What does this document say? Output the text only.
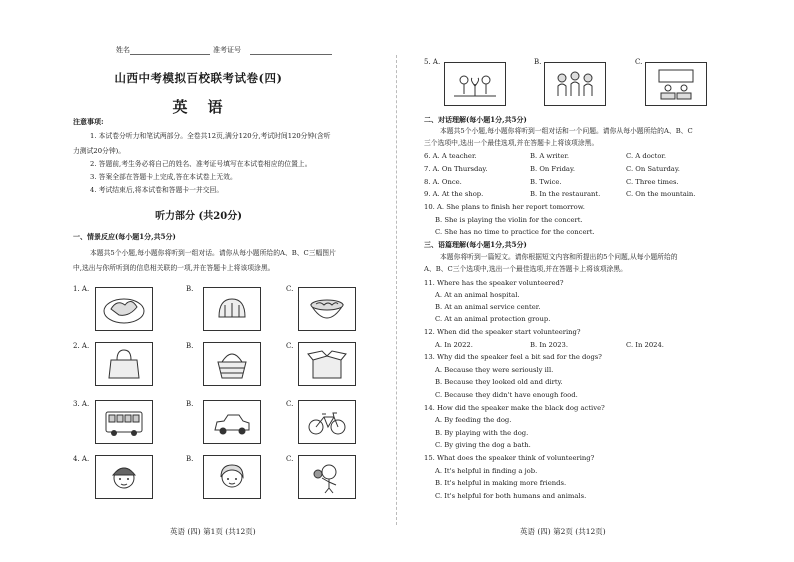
姓名	准考证号
山西中考模拟百校联考试卷(四)
英语
注意事项:
1. 本试卷分听力和笔试两部分。全卷共12页,满分120分,考试时间120分钟(含听
力测试20分钟)。
2. 答题前,考生务必将自己的姓名、准考证号填写在本试卷相应的位置上。
3. 答案全部在答题卡上完成,答在本试卷上无效。
4. 考试结束后,将本试卷和答题卡一并交回。
听力部分 (共20分)
一、情景反应(每小题1分,共5分)
本题共5个小题,每小题你将听到一组对话。请你从每小题所给的A、B、C三幅图片
中,选出与你所听到的信息相关联的一项,并在答题卡上将该项涂黑。
1. A.	B.	C.
2. A.	B.	C.
3. A.	B.	C.
4. A.	B.	C.
英语 (四) 第1页 (共12页)
5. A.	B.	C.
二、对话理解(每小题1分,共5分)
本题共5个小题,每小题你将听到一组对话和一个问题。请你从每小题所给的A、B、C
三个选项中,选出一个最佳选项,并在答题卡上将该项涂黑。
6. A. A teacher.	B. A writer.	C. A doctor.
7. A. On Thursday.	B. On Friday.	C. On Saturday.
8. A. Once.	B. Twice.	C. Three times.
9. A. At the shop.	B. In the restaurant.	C. On the mountain.
10. A. She plans to finish her report tomorrow.
B. She is playing the violin for the concert.
C. She has no time to practice for the concert.
三、语篇理解(每小题1分,共5分)
本题你将听到一篇短文。请你根据短文内容和所提出的5个问题,从每小题所给的
A、B、C三个选项中,选出一个最佳选项,并在答题卡上将该项涂黑。
11. Where has the speaker volunteered?
A. At an animal hospital.
B. At an animal service center.
C. At an animal protection group.
12. When did the speaker start volunteering?
A. In 2022.	B. In 2023.	C. In 2024.
13. Why did the speaker feel a bit sad for the dogs?
A. Because they were seriously ill.
B. Because they looked old and dirty.
C. Because they didn't have enough food.
14. How did the speaker make the black dog active?
A. By feeding the dog.
B. By playing with the dog.
C. By giving the dog a bath.
15. What does the speaker think of volunteering?
A. It's helpful in finding a job.
B. It's helpful in making more friends.
C. It's helpful for both humans and animals.
英语 (四) 第2页 (共12页)
